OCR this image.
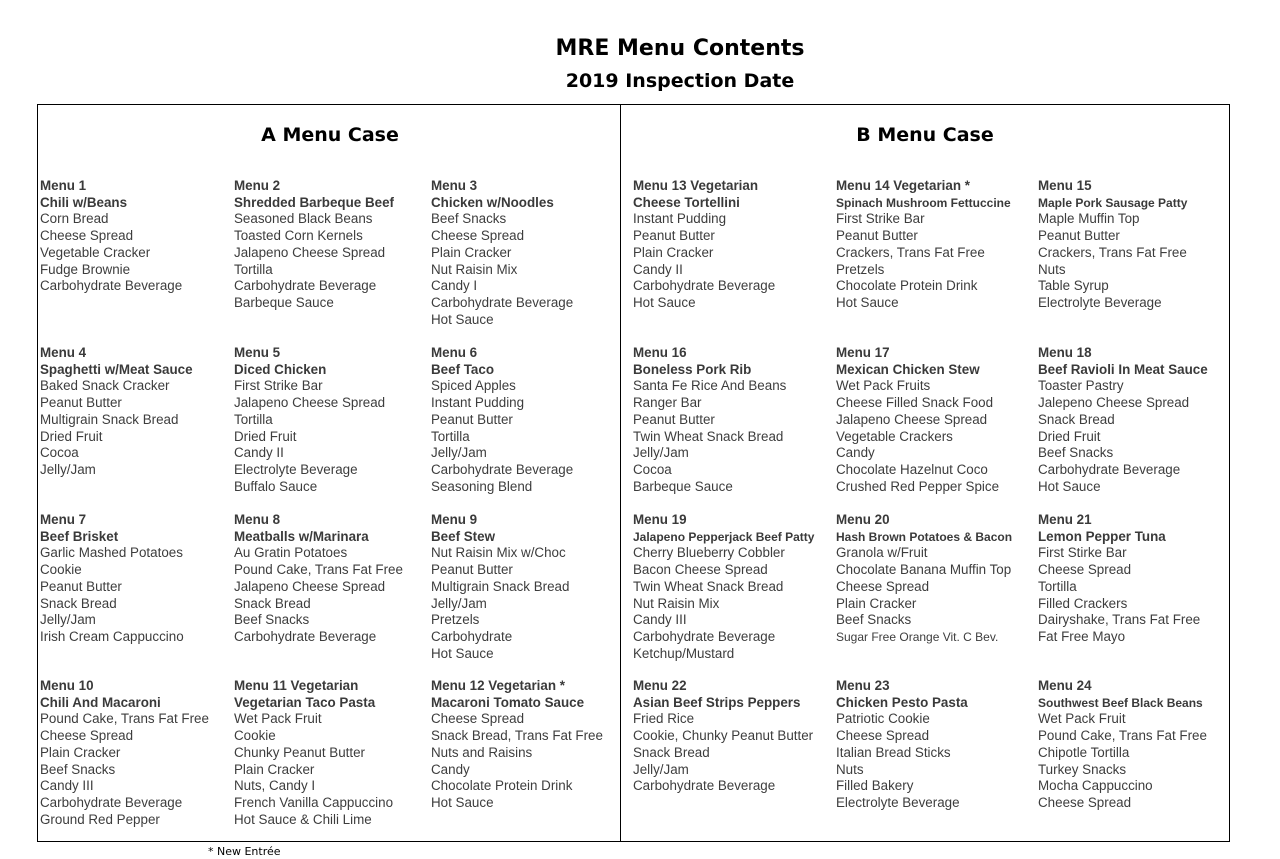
MRE Menu Contents
2019 Inspection Date
A Menu Case	B Menu Case
Menu 1
Chili w/Beans
Corn Bread
Cheese Spread
Vegetable Cracker
Fudge Brownie
Carbohydrate Beverage
Menu 2
Shredded Barbeque Beef
Seasoned Black Beans
Toasted Corn Kernels
Jalapeno Cheese Spread
Tortilla
Carbohydrate Beverage
Barbeque Sauce
Menu 3
Chicken w/Noodles
Beef Snacks
Cheese Spread
Plain Cracker
Nut Raisin Mix
Candy I
Carbohydrate Beverage
Hot Sauce
Menu 4
Spaghetti w/Meat Sauce
Baked Snack Cracker
Peanut Butter
Multigrain Snack Bread
Dried Fruit
Cocoa
Jelly/Jam
Menu 5
Diced Chicken
First Strike Bar
Jalapeno Cheese Spread
Tortilla
Dried Fruit
Candy II
Electrolyte Beverage
Buffalo Sauce
Menu 6
Beef Taco
Spiced Apples
Instant Pudding
Peanut Butter
Tortilla
Jelly/Jam
Carbohydrate Beverage
Seasoning Blend
Menu 7
Beef Brisket
Garlic Mashed Potatoes
Cookie
Peanut Butter
Snack Bread
Jelly/Jam
Irish Cream Cappuccino
Menu 8
Meatballs w/Marinara
Au Gratin Potatoes
Pound Cake, Trans Fat Free
Jalapeno Cheese Spread
Snack Bread
Beef Snacks
Carbohydrate Beverage
Menu 9
Beef Stew
Nut Raisin Mix w/Choc
Peanut Butter
Multigrain Snack Bread
Jelly/Jam
Pretzels
Carbohydrate
Hot Sauce
Menu 10
Chili And Macaroni
Pound Cake, Trans Fat Free
Cheese Spread
Plain Cracker
Beef Snacks
Candy III
Carbohydrate Beverage
Ground Red Pepper
Menu 11 Vegetarian
Vegetarian Taco Pasta
Wet Pack Fruit
Cookie
Chunky Peanut Butter
Plain Cracker
Nuts, Candy I
French Vanilla Cappuccino
Hot Sauce & Chili Lime
Menu 12 Vegetarian *
Macaroni Tomato Sauce
Cheese Spread
Snack Bread, Trans Fat Free
Nuts and Raisins
Candy
Chocolate Protein Drink
Hot Sauce
Menu 13 Vegetarian
Cheese Tortellini
Instant Pudding
Peanut Butter
Plain Cracker
Candy II
Carbohydrate Beverage
Hot Sauce
Menu 14 Vegetarian *
Spinach Mushroom Fettuccine
First Strike Bar
Peanut Butter
Crackers, Trans Fat Free
Pretzels
Chocolate Protein Drink
Hot Sauce
Menu 15
Maple Pork Sausage Patty
Maple Muffin Top
Peanut Butter
Crackers, Trans Fat Free
Nuts
Table Syrup
Electrolyte Beverage
Menu 16
Boneless Pork Rib
Santa Fe Rice And Beans
Ranger Bar
Peanut Butter
Twin Wheat Snack Bread
Jelly/Jam
Cocoa
Barbeque Sauce
Menu 17
Mexican Chicken Stew
Wet Pack Fruits
Cheese Filled Snack Food
Jalapeno Cheese Spread
Vegetable Crackers
Candy
Chocolate Hazelnut Coco
Crushed Red Pepper Spice
Menu 18
Beef Ravioli In Meat Sauce
Toaster Pastry
Jalepeno Cheese Spread
Snack Bread
Dried Fruit
Beef Snacks
Carbohydrate Beverage
Hot Sauce
Menu 19
Jalapeno Pepperjack Beef Patty
Cherry Blueberry Cobbler
Bacon Cheese Spread
Twin Wheat Snack Bread
Nut Raisin Mix
Candy III
Carbohydrate Beverage
Ketchup/Mustard
Menu 20
Hash Brown Potatoes & Bacon
Granola w/Fruit
Chocolate Banana Muffin Top
Cheese Spread
Plain Cracker
Beef Snacks
Sugar Free Orange Vit. C Bev.
Menu 21
Lemon Pepper Tuna
First Stirke Bar
Cheese Spread
Tortilla
Filled Crackers
Dairyshake, Trans Fat Free
Fat Free Mayo
Menu 22
Asian Beef Strips Peppers
Fried Rice
Cookie, Chunky Peanut Butter
Snack Bread
Jelly/Jam
Carbohydrate Beverage
Menu 23
Chicken Pesto Pasta
Patriotic Cookie
Cheese Spread
Italian Bread Sticks
Nuts
Filled Bakery
Electrolyte Beverage
Menu 24
Southwest Beef Black Beans
Wet Pack Fruit
Pound Cake, Trans Fat Free
Chipotle Tortilla
Turkey Snacks
Mocha Cappuccino
Cheese Spread
* New Entrée
